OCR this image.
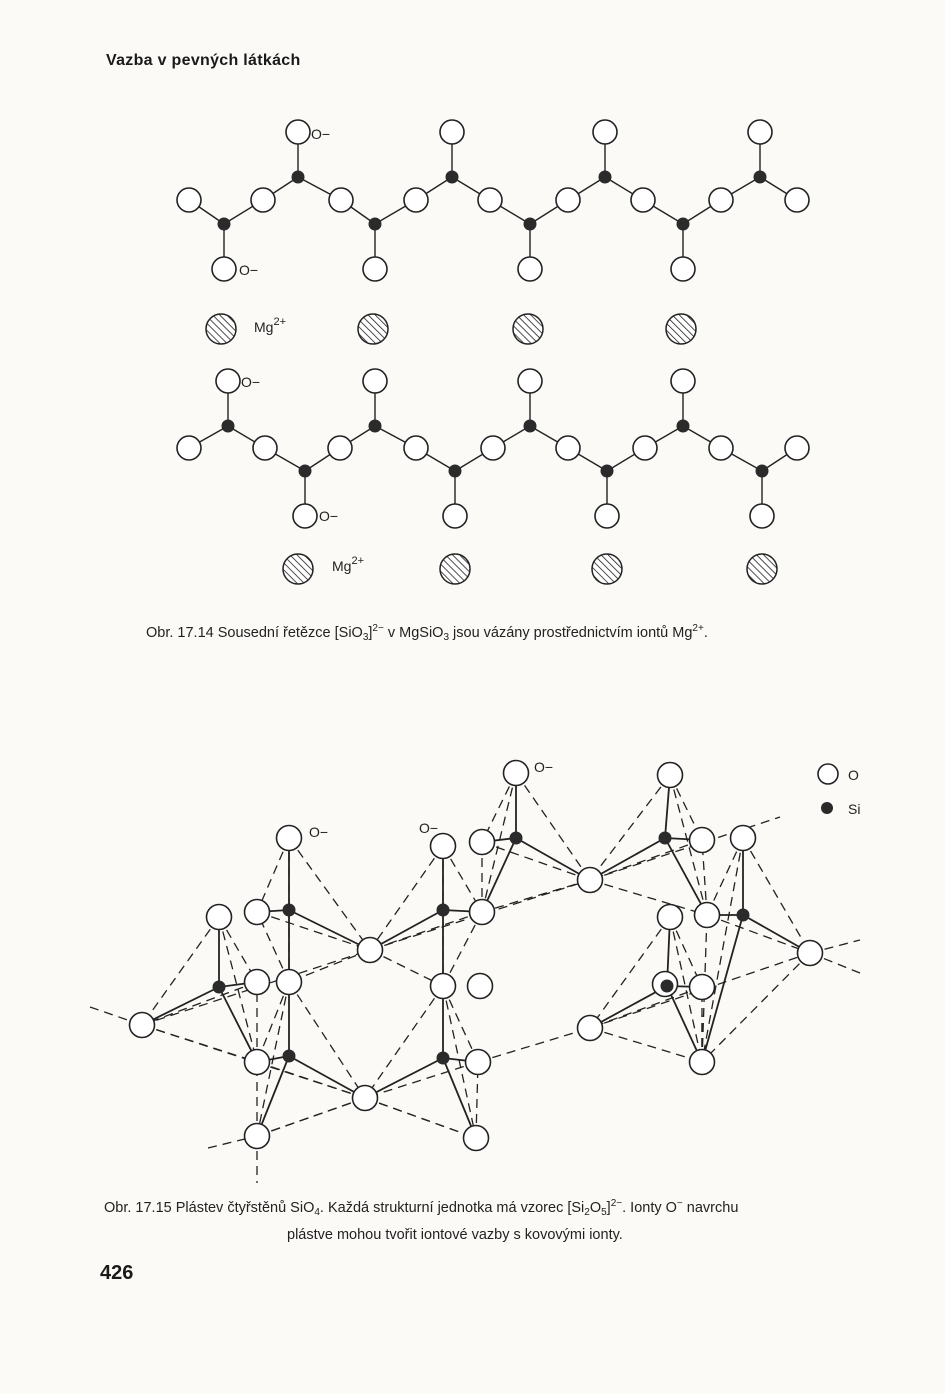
Vazba v pevných látkách
O−
O−
O−
O−
$Mg^{2+}$
$Mg^{2+}$
Obr. 17.14 Sousední řetězce $[SiO_3]^{2-}$ v MgSiO$_3$ jsou vázány prostřednictvím iontů $Mg^{2+}$.
O−
O−	O−
O
Si
Obr. 17.15 Plástev čtyřstěnů SiO$_4$. Každá strukturní jednotka má vzorec $[Si_2O_5]^{2-}$. Ionty O− navrchu
plástve mohou tvořit iontové vazby s kovovými ionty.
426
